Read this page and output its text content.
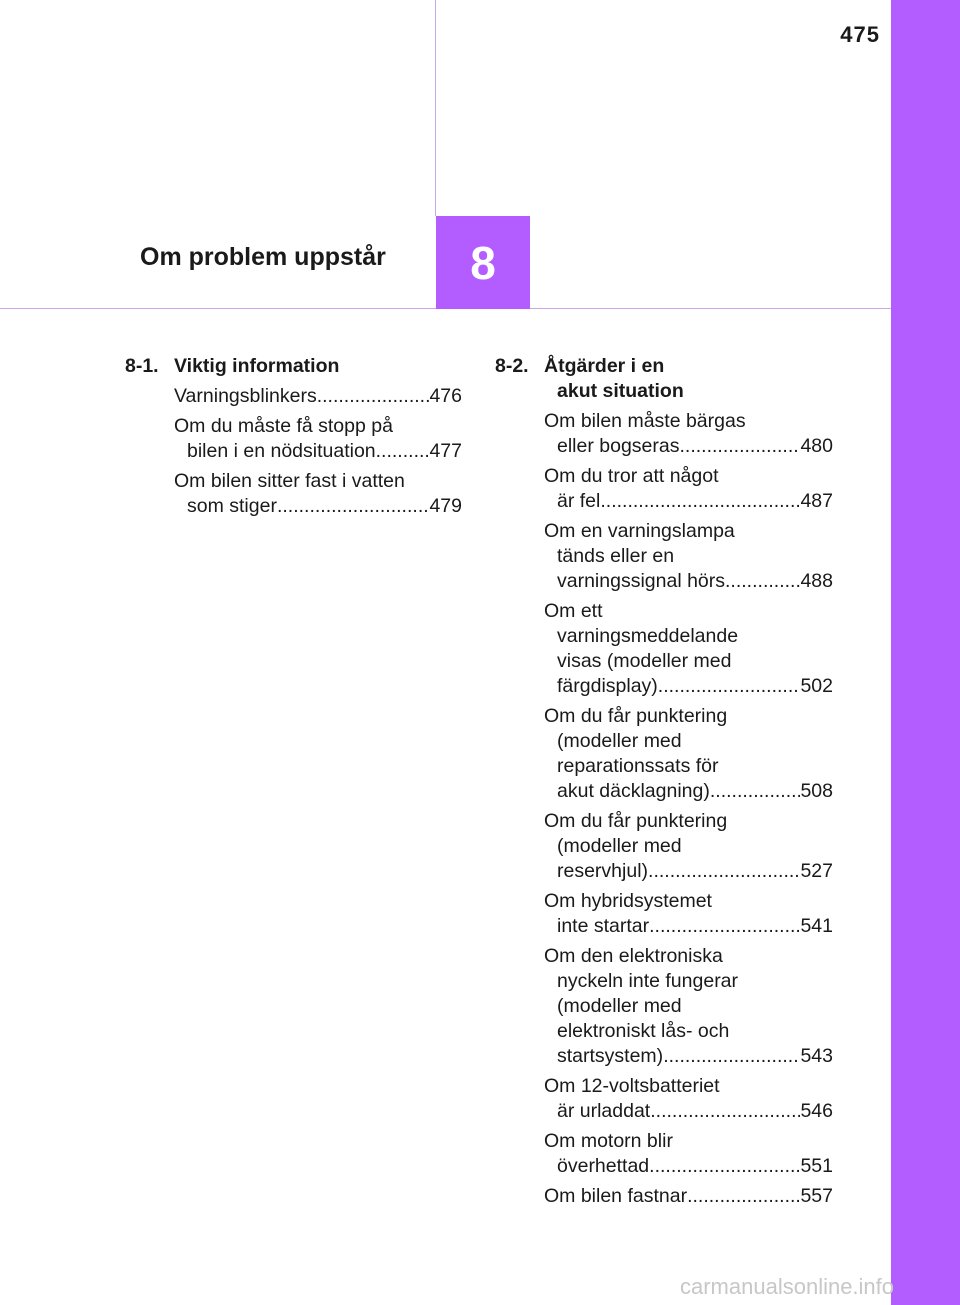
475
Om problem uppstår	8
8-1. Viktig information
Varningsblinkers .....	476
Om du måste få stopp på
bilen i en nödsituation .....	477
Om bilen sitter fast i vatten
som stiger .....	479
8-2. Åtgärder i en
akut situation
Om bilen måste bärgas
eller bogseras .....	480
Om du tror att något
är fel .....	487
Om en varningslampa
tänds eller en
varningssignal hörs .....	488
Om ett
varningsmeddelande
visas (modeller med
färgdisplay) .....	502
Om du får punktering
(modeller med
reparationssats för
akut däcklagning) .....	508
Om du får punktering
(modeller med
reservhjul) .....	527
Om hybridsystemet
inte startar .....	541
Om den elektroniska
nyckeln inte fungerar
(modeller med
elektroniskt lås- och
startsystem) .....	543
Om 12-voltsbatteriet
är urladdat .....	546
Om motorn blir
överhettad .....	551
Om bilen fastnar .....	557
carmanualsonline.info
